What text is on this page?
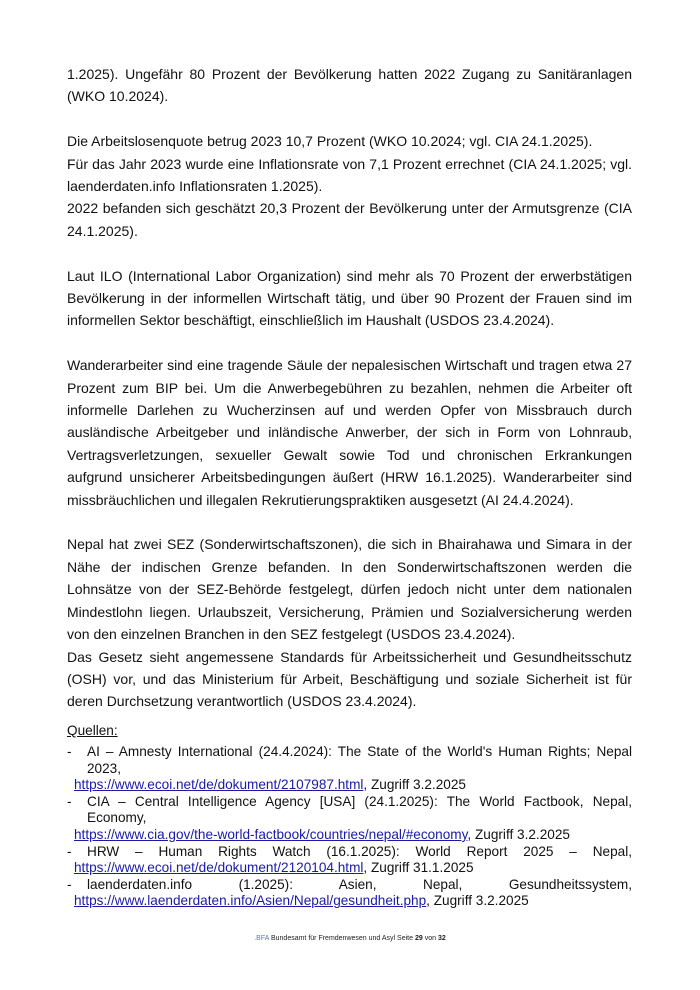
1.2025). Ungefähr 80 Prozent der Bevölkerung hatten 2022 Zugang zu Sanitäranlagen (WKO 10.2024).

Die Arbeitslosenquote betrug 2023 10,7 Prozent (WKO 10.2024; vgl. CIA 24.1.2025).

Für das Jahr 2023 wurde eine Inflationsrate von 7,1 Prozent errechnet (CIA 24.1.2025; vgl. laenderdaten.info Inflationsraten 1.2025).

2022 befanden sich geschätzt 20,3 Prozent der Bevölkerung unter der Armutsgrenze (CIA 24.1.2025).

Laut ILO (International Labor Organization) sind mehr als 70 Prozent der erwerbstätigen Bevölkerung in der informellen Wirtschaft tätig, und über 90 Prozent der Frauen sind im informellen Sektor beschäftigt, einschließlich im Haushalt (USDOS 23.4.2024).

Wanderarbeiter sind eine tragende Säule der nepalesischen Wirtschaft und tragen etwa 27 Prozent zum BIP bei. Um die Anwerbegebühren zu bezahlen, nehmen die Arbeiter oft informelle Darlehen zu Wucherzinsen auf und werden Opfer von Missbrauch durch ausländische Arbeitgeber und inländische Anwerber, der sich in Form von Lohnraub, Vertragsverletzungen, sexueller Gewalt sowie Tod und chronischen Erkrankungen aufgrund unsicherer Arbeitsbedingungen äußert (HRW 16.1.2025). Wanderarbeiter sind missbräuchlichen und illegalen Rekrutierungspraktiken ausgesetzt (AI 24.4.2024).

Nepal hat zwei SEZ (Sonderwirtschaftszonen), die sich in Bhairahawa und Simara in der Nähe der indischen Grenze befanden. In den Sonderwirtschaftszonen werden die Lohnsätze von der SEZ-Behörde festgelegt, dürfen jedoch nicht unter dem nationalen Mindestlohn liegen. Urlaubszeit, Versicherung, Prämien und Sozialversicherung werden von den einzelnen Branchen in den SEZ festgelegt (USDOS 23.4.2024).

Das Gesetz sieht angemessene Standards für Arbeitssicherheit und Gesundheitsschutz (OSH) vor, und das Ministerium für Arbeit, Beschäftigung und soziale Sicherheit ist für deren Durchsetzung verantwortlich (USDOS 23.4.2024).

Quellen:
-	AI – Amnesty International (24.4.2024): The State of the World's Human Rights; Nepal 2023,
https://www.ecoi.net/de/dokument/2107987.html, Zugriff 3.2.2025
-	CIA – Central Intelligence Agency [USA] (24.1.2025): The World Factbook, Nepal, Economy,
https://www.cia.gov/the-world-factbook/countries/nepal/#economy, Zugriff 3.2.2025
-	HRW – Human Rights Watch (16.1.2025): World Report 2025 – Nepal,
https://www.ecoi.net/de/dokument/2120104.html, Zugriff 31.1.2025
-	laenderdaten.info (1.2025): Asien, Nepal, Gesundheitssystem,
https://www.laenderdaten.info/Asien/Nepal/gesundheit.php, Zugriff 3.2.2025
.BFA Bundesamt für Fremdenwesen und Asyl Seite 29 von 32
